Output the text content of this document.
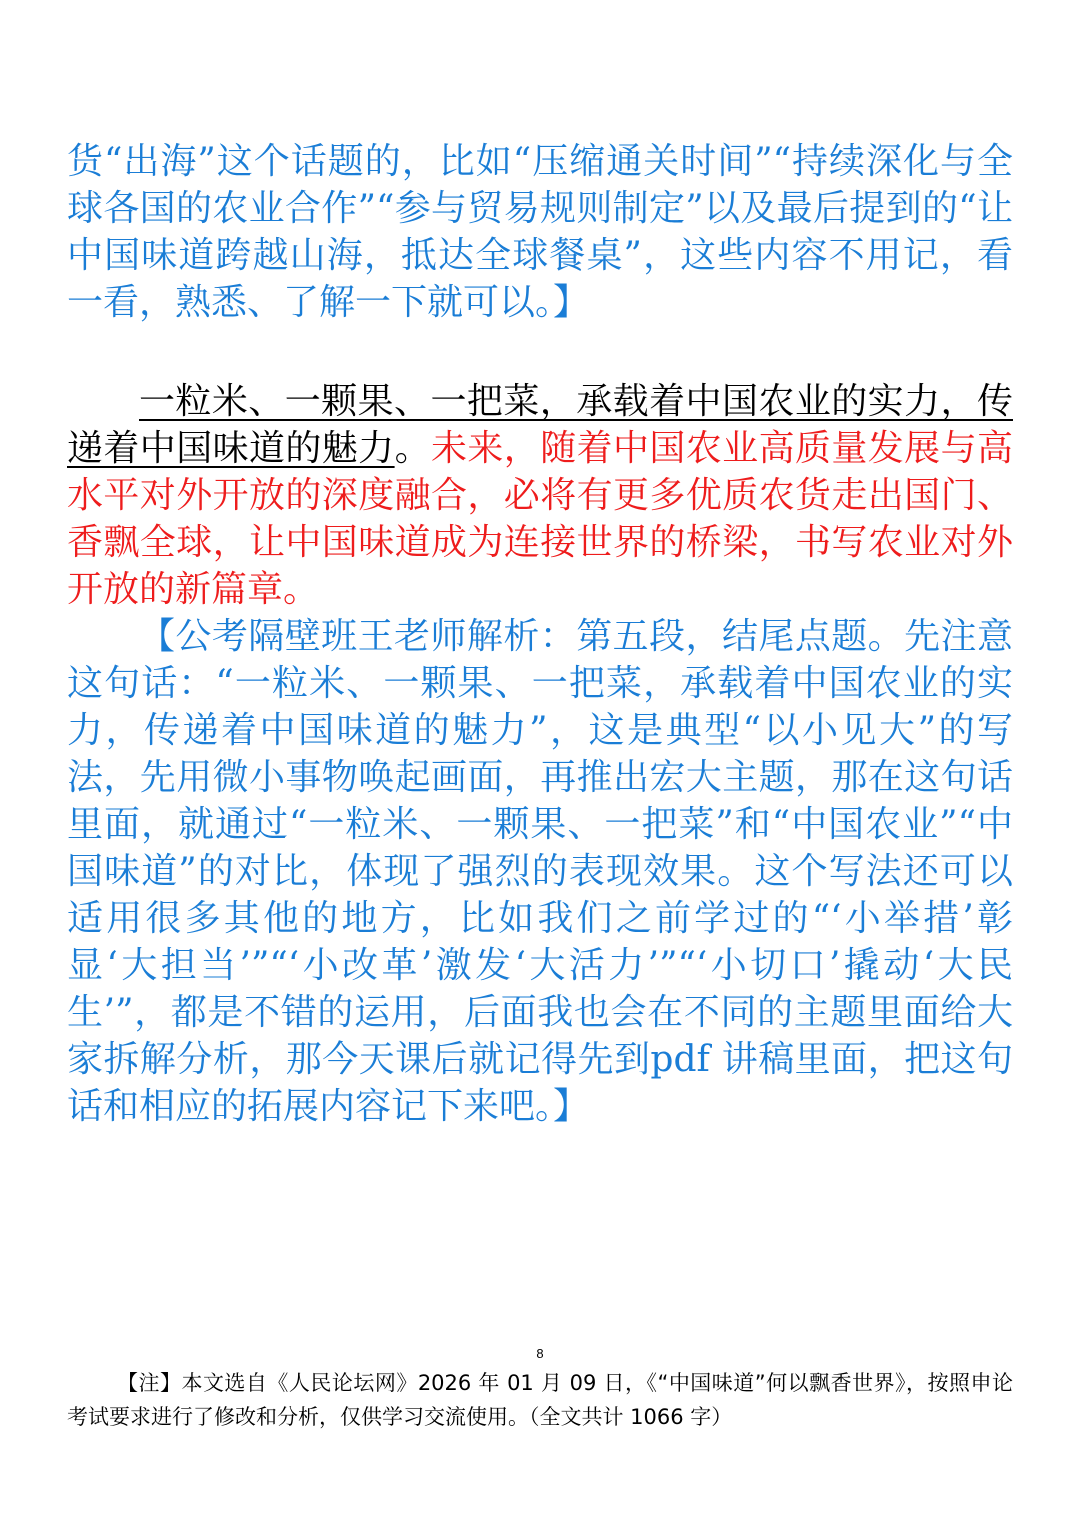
货“出海”这个话题的，比如“压缩通关时间”“持续深化与全球各国的农业合作”“参与贸易规则制定”以及最后提到的“让中国味道跨越山海，抵达全球餐桌”，这些内容不用记，看一看，熟悉、了解一下就可以。】

一粒米、一颗果、一把菜，承载着中国农业的实力，传递着中国味道的魅力。未来，随着中国农业高质量发展与高水平对外开放的深度融合，必将有更多优质农货走出国门、香飘全球，让中国味道成为连接世界的桥梁，书写农业对外开放的新篇章。

【公考隔壁班王老师解析：第五段，结尾点题。先注意这句话：“一粒米、一颗果、一把菜，承载着中国农业的实力，传递着中国味道的魅力”，这是典型“以小见大”的写法，先用微小事物唤起画面，再推出宏大主题，那在这句话里面，就通过“一粒米、一颗果、一把菜”和“中国农业”“中国味道”的对比，体现了强烈的表现效果。这个写法还可以适用很多其他的地方，比如我们之前学过的“‘小举措’彰显‘大担当’”“‘小改革’激发‘大活力’”“‘小切口’撬动‘大民生’”，都是不错的运用，后面我也会在不同的主题里面给大家拆解分析，那今天课后就记得先到pdf 讲稿里面，把这句话和相应的拓展内容记下来吧。】

8

【注】本文选自《人民论坛网》2026 年 01 月 09 日，《“中国味道”何以飘香世界》，按照申论考试要求进行了修改和分析，仅供学习交流使用。（全文共计 1066 字）
